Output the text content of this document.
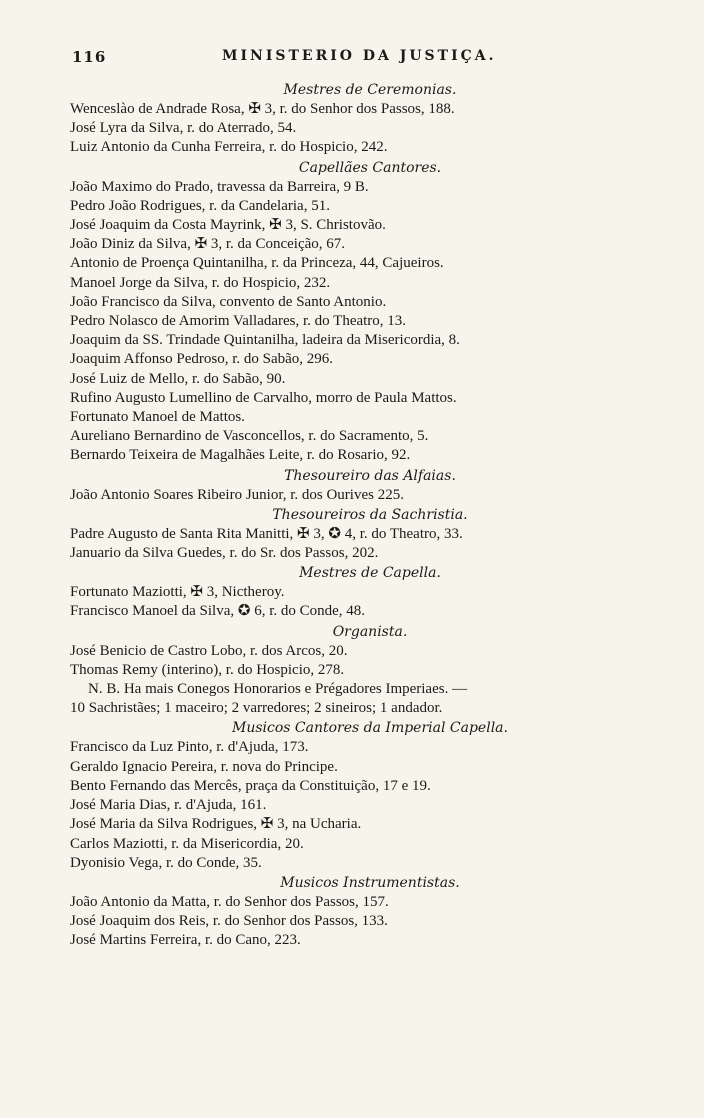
116	MINISTERIO DA JUSTIÇA.
Mestres de Ceremonias.
Wenceslào de Andrade Rosa, ✠ 3, r. do Senhor dos Passos, 188.
José Lyra da Silva, r. do Aterrado, 54.
Luiz Antonio da Cunha Ferreira, r. do Hospicio, 242.
Capellães Cantores.
João Maximo do Prado, travessa da Barreira, 9 B.
Pedro João Rodrigues, r. da Candelaria, 51.
José Joaquim da Costa Mayrink, ✠ 3, S. Christovão.
João Diniz da Silva, ✠ 3, r. da Conceição, 67.
Antonio de Proença Quintanilha, r. da Princeza, 44, Cajueiros.
Manoel Jorge da Silva, r. do Hospicio, 232.
João Francisco da Silva, convento de Santo Antonio.
Pedro Nolasco de Amorim Valladares, r. do Theatro, 13.
Joaquim da SS. Trindade Quintanilha, ladeira da Misericordia, 8.
Joaquim Affonso Pedroso, r. do Sabão, 296.
José Luiz de Mello, r. do Sabão, 90.
Rufino Augusto Lumellino de Carvalho, morro de Paula Mattos.
Fortunato Manoel de Mattos.
Aureliano Bernardino de Vasconcellos, r. do Sacramento, 5.
Bernardo Teixeira de Magalhães Leite, r. do Rosario, 92.
Thesoureiro das Alfaias.
João Antonio Soares Ribeiro Junior, r. dos Ourives 225.
Thesoureiros da Sachristia.
Padre Augusto de Santa Rita Manitti, ✠ 3, ✪ 4, r. do Theatro, 33.
Januario da Silva Guedes, r. do Sr. dos Passos, 202.
Mestres de Capella.
Fortunato Maziotti, ✠ 3, Nictheroy.
Francisco Manoel da Silva, ✪ 6, r. do Conde, 48.
Organista.
José Benicio de Castro Lobo, r. dos Arcos, 20.
Thomas Remy (interino), r. do Hospicio, 278.
N. B. Ha mais Conegos Honorarios e Prégadores Imperiaes. —
10 Sachristães; 1 maceiro; 2 varredores; 2 sineiros; 1 andador.
Musicos Cantores da Imperial Capella.
Francisco da Luz Pinto, r. d'Ajuda, 173.
Geraldo Ignacio Pereira, r. nova do Principe.
Bento Fernando das Mercês, praça da Constituição, 17 e 19.
José Maria Dias, r. d'Ajuda, 161.
José Maria da Silva Rodrigues, ✠ 3, na Ucharia.
Carlos Maziotti, r. da Misericordia, 20.
Dyonisio Vega, r. do Conde, 35.
Musicos Instrumentistas.
João Antonio da Matta, r. do Senhor dos Passos, 157.
José Joaquim dos Reis, r. do Senhor dos Passos, 133.
José Martins Ferreira, r. do Cano, 223.
